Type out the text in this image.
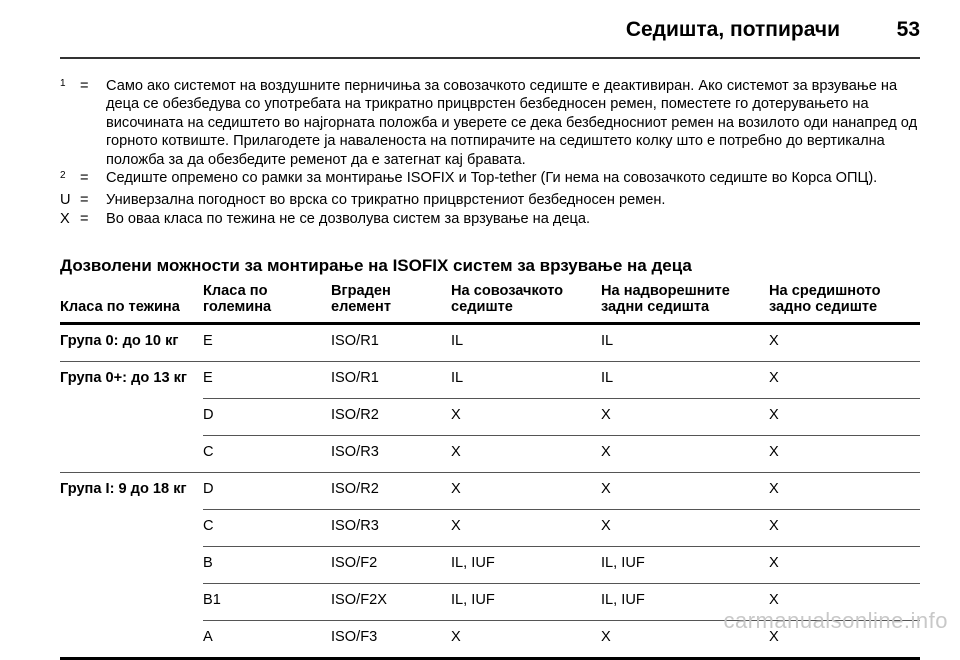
Седишта, потпирачи	53
$^1$ =	Само ако системот на воздушните перничиња за совозачкото седиште е деактивиран. Ако системот за врзување на деца се обезбедува со употребата на трикратно прицврстен безбедносен ремен, поместете го дотерувањето на височината на седиштето во најгорната положба и уверете се дека безбедносниот ремен на возилото оди нанапред од горното котвиште. Прилагодете ја наваленоста на потпирачите на седиштето колку што е потребно до вертикална положба за да обезбедите ременот да е затегнат кај бравата.
$^2$ =	Седиште опремено со рамки за монтирање ISOFIX и Top-tether (Ги нема на совозачкото седиште во Корса ОПЦ).
U =	Универзална погодност во врска со трикратно прицврстениот безбедносен ремен.
X =	Во оваа класа по тежина не се дозволува систем за врзување на деца.
Дозволени можности за монтирање на ISOFIX систем за врзување на деца
Класа по тежина	Класа по големина	Вграден елемент	На совозачкото седиште	На надворешните задни седишта	На средишното задно седиште
Група 0: до 10 кг	E	ISO/R1	IL	IL	X
Група 0+: до 13 кг	E	ISO/R1	IL	IL	X
	D	ISO/R2	X	X	X
	C	ISO/R3	X	X	X
Група I: 9 до 18 кг	D	ISO/R2	X	X	X
	C	ISO/R3	X	X	X
	B	ISO/F2	IL, IUF	IL, IUF	X
	B1	ISO/F2X	IL, IUF	IL, IUF	X
	A	ISO/F3	X	X	X
carmanualsonline.info
